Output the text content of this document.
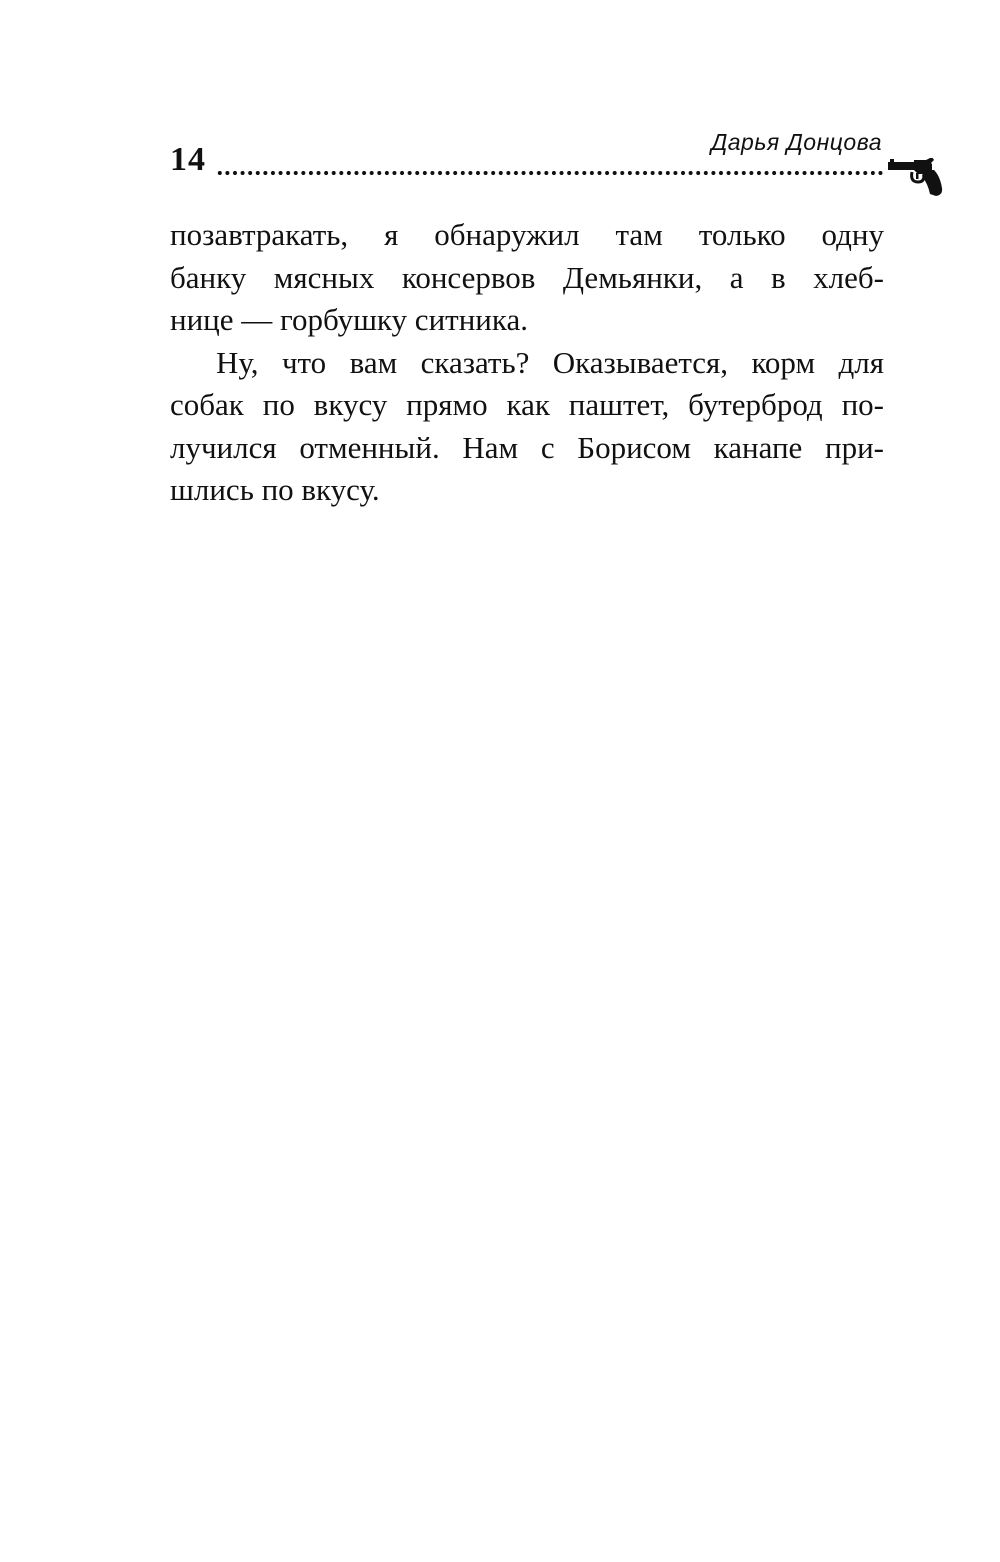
14	Дарья Донцова

позавтракать, я обнаружил там только одну
банку мясных консервов Демьянки, а в хлеб-
нице — горбушку ситника.

Ну, что вам сказать? Оказывается, корм для
собак по вкусу прямо как паштет, бутерброд по-
лучился отменный. Нам с Борисом канапе при-
шлись по вкусу.
